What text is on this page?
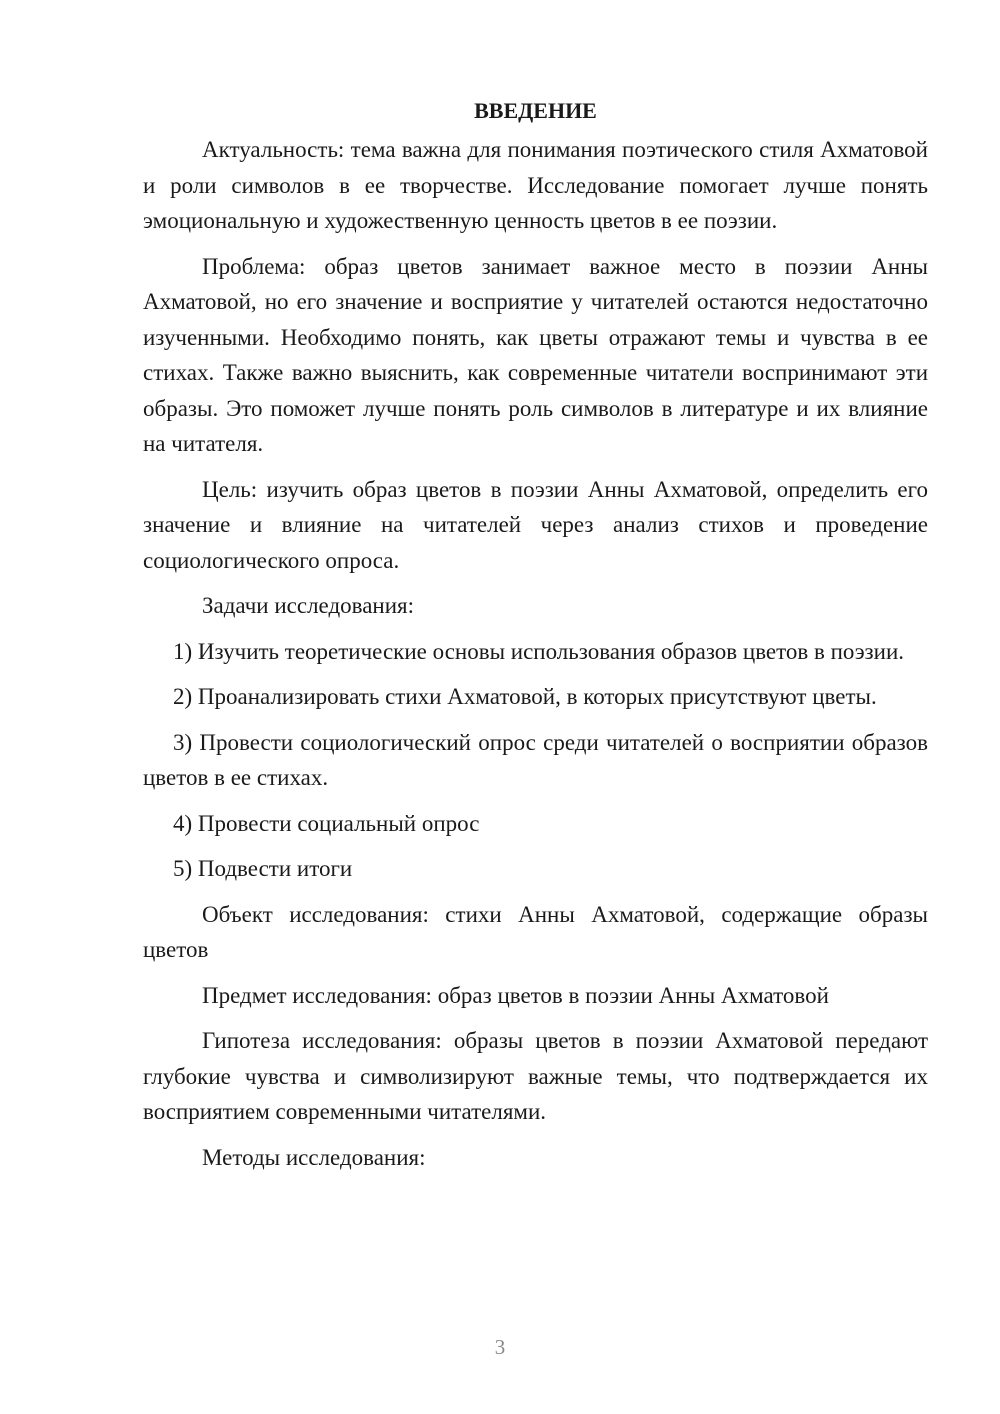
ВВЕДЕНИЕ

Актуальность: тема важна для понимания поэтического стиля Ахматовой и роли символов в ее творчестве. Исследование помогает лучше понять эмоциональную и художественную ценность цветов в ее поэзии.

Проблема: образ цветов занимает важное место в поэзии Анны Ахматовой, но его значение и восприятие у читателей остаются недостаточно изученными. Необходимо понять, как цветы отражают темы и чувства в ее стихах. Также важно выяснить, как современные читатели воспринимают эти образы. Это поможет лучше понять роль символов в литературе и их влияние на читателя.

Цель: изучить образ цветов в поэзии Анны Ахматовой, определить его значение и влияние на читателей через анализ стихов и проведение социологического опроса.

Задачи исследования:

1) Изучить теоретические основы использования образов цветов в поэзии.

2) Проанализировать стихи Ахматовой, в которых присутствуют цветы.

3) Провести социологический опрос среди читателей о восприятии образов цветов в ее стихах.

4) Провести социальный опрос

5) Подвести итоги

Объект исследования: стихи Анны Ахматовой, содержащие образы цветов

Предмет исследования: образ цветов в поэзии Анны Ахматовой

Гипотеза исследования: образы цветов в поэзии Ахматовой передают глубокие чувства и символизируют важные темы, что подтверждается их восприятием современными читателями.

Методы исследования:

3
